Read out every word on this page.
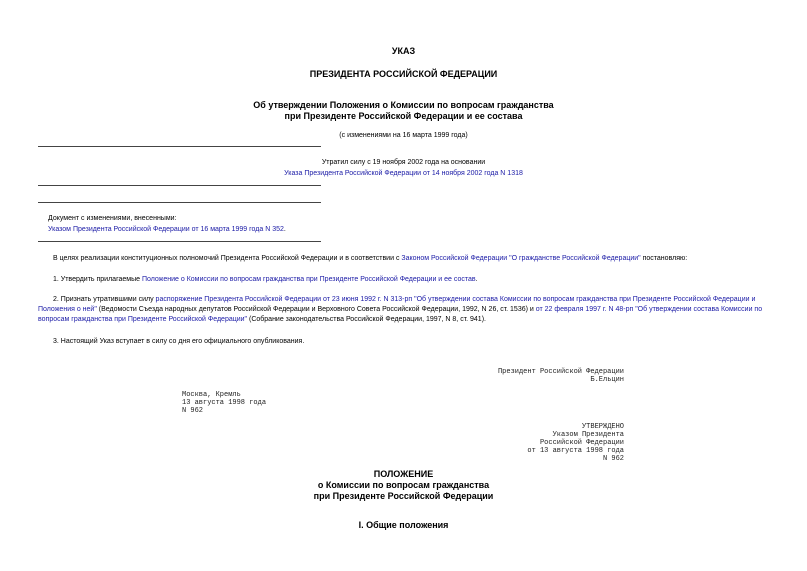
УКАЗ
ПРЕЗИДЕНТА РОССИЙСКОЙ ФЕДЕРАЦИИ
Об утверждении Положения о Комиссии по вопросам гражданства
при Президенте Российской Федерации и ее состава
(с изменениями на 16 марта 1999 года)
Утратил силу с 19 ноября 2002 года на основании
Указа Президента Российской Федерации от 14 ноября 2002 года N 1318
Документ с изменениями, внесенными:
Указом Президента Российской Федерации от 16 марта 1999 года N 352.
В целях реализации конституционных полномочий Президента Российской Федерации и в соответствии с Законом Российской Федерации "О гражданстве Российской Федерации" постановляю:
1. Утвердить прилагаемые Положение о Комиссии по вопросам гражданства при Президенте Российской Федерации и ее состав.
2. Признать утратившими силу распоряжение Президента Российской Федерации от 23 июня 1992 г. N 313-рп "Об утверждении состава Комиссии по вопросам гражданства при Президенте Российской Федерации и Положения о ней" (Ведомости Съезда народных депутатов Российской Федерации и Верховного Совета Российской Федерации, 1992, N 26, ст. 1536) и от 22 февраля 1997 г. N 48-рп "Об утверждении состава Комиссии по вопросам гражданства при Президенте Российской Федерации" (Собрание законодательства Российской Федерации, 1997, N 8, ст. 941).
3. Настоящий Указ вступает в силу со дня его официального опубликования.
Президент Российской Федерации
Б.Ельцин
Москва, Кремль
13 августа 1998 года
N 962
УТВЕРЖДЕНО
Указом Президента
Российской Федерации
от 13 августа 1998 года
N 962
ПОЛОЖЕНИЕ
о Комиссии по вопросам гражданства
при Президенте Российской Федерации
I. Общие положения
